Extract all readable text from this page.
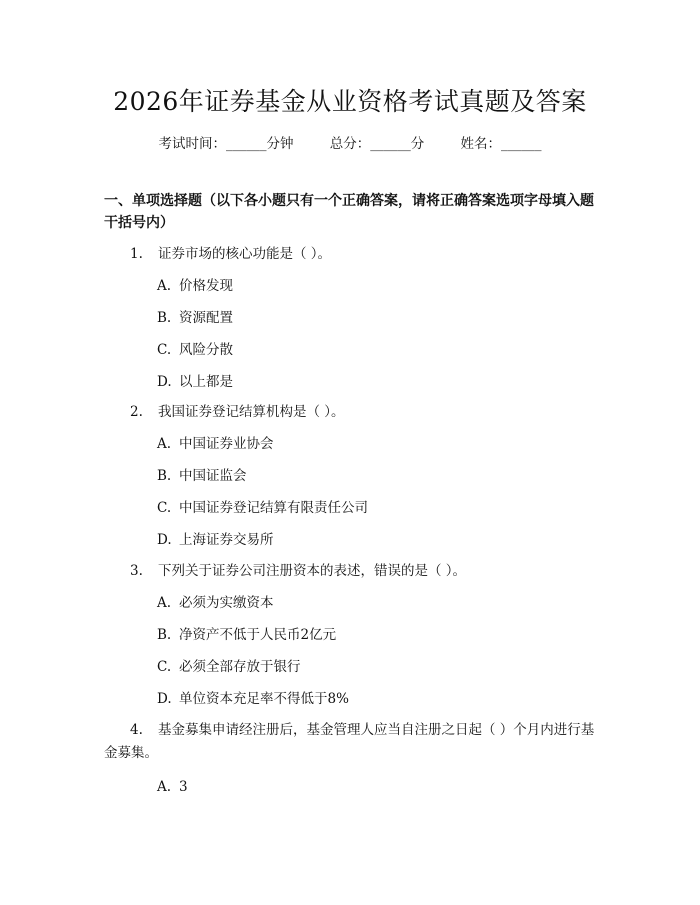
2026年证券基金从业资格考试真题及答案
考试时间：______分钟	总分：______分	姓名：______
一、单项选择题（以下各小题只有一个正确答案，请将正确答案选项字母填入题干括号内）
1. 证券市场的核心功能是（ ）。
A. 价格发现
B. 资源配置
C. 风险分散
D. 以上都是
2. 我国证券登记结算机构是（ ）。
A. 中国证券业协会
B. 中国证监会
C. 中国证券登记结算有限责任公司
D. 上海证券交易所
3. 下列关于证券公司注册资本的表述，错误的是（ ）。
A. 必须为实缴资本
B. 净资产不低于人民币2亿元
C. 必须全部存放于银行
D. 单位资本充足率不得低于8%
4. 基金募集申请经注册后，基金管理人应当自注册之日起（ ）个月内进行基金募集。
A. 3
